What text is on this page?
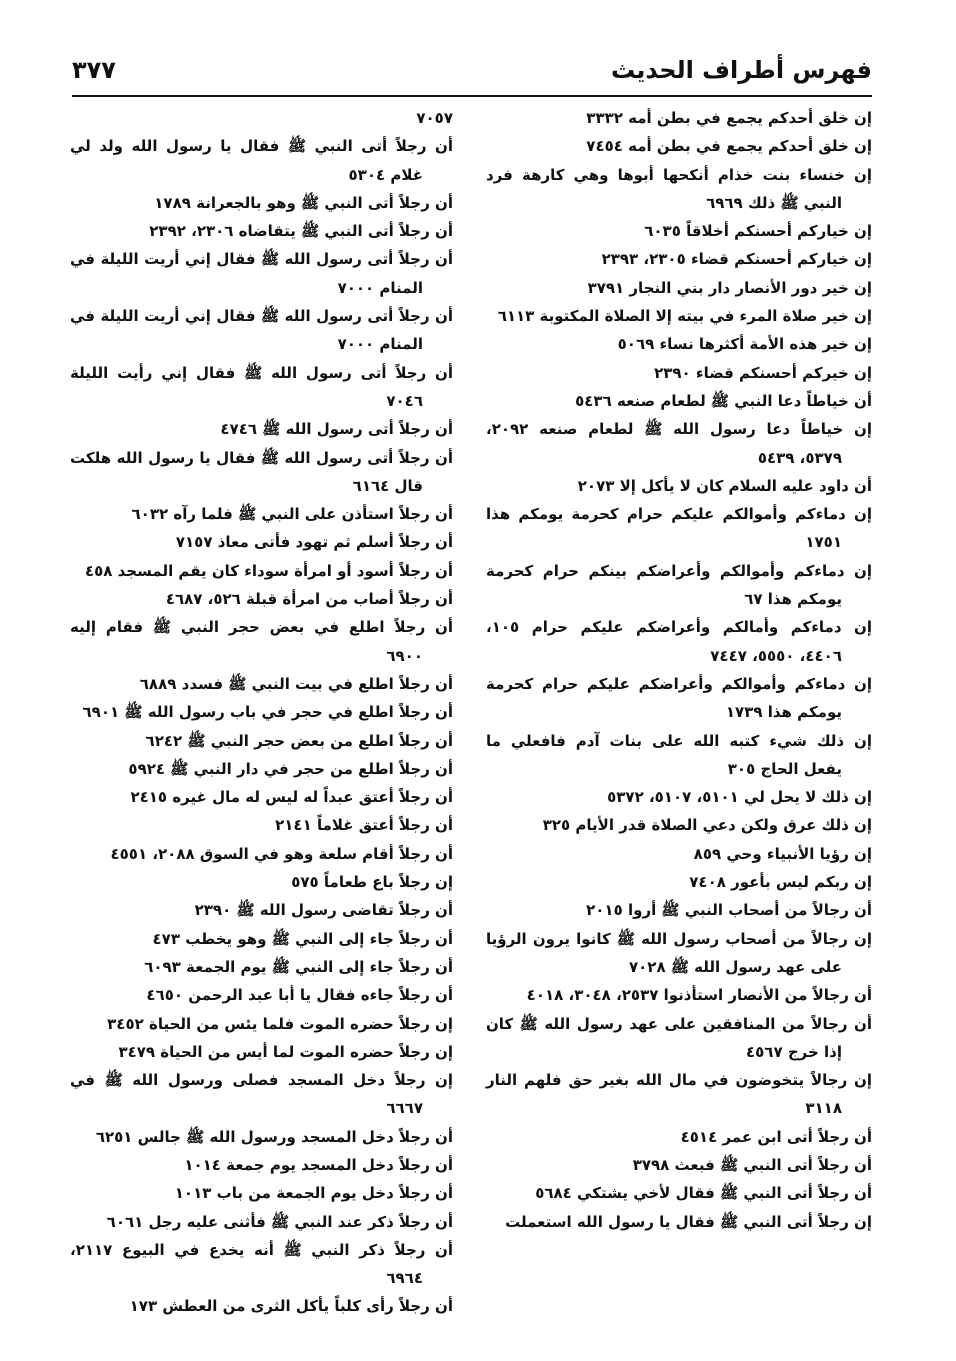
فهرس أطراف الحديث
٣٧٧

إن خلق أحدكم يجمع في بطن أمه ٣٣٣٢

إن خلق أحدكم يجمع في بطن أمه ٧٤٥٤

إن خنساء بنت خذام أنكحها أبوها وهي كارهة فرد النبي ﷺ ذلك ٦٩٦٩

إن خياركم أحسنكم أخلاقاً ٦٠٣٥

إن خياركم أحسنكم قضاء ٢٣٠٥، ٢٣٩٣

إن خير دور الأنصار دار بني النجار ٣٧٩١

إن خير صلاة المرء في بيته إلا الصلاة المكتوبة ٦١١٣

إن خير هذه الأمة أكثرها نساء ٥٠٦٩

إن خيركم أحسنكم قضاء ٢٣٩٠

أن خياطاً دعا النبي ﷺ لطعام صنعه ٥٤٣٦

إن خياطاً دعا رسول الله ﷺ لطعام صنعه ٢٠٩٢، ٥٣٧٩، ٥٤٣٩

أن داود عليه السلام كان لا يأكل إلا ٢٠٧٣

إن دماءكم وأموالكم عليكم حرام كحرمة يومكم هذا ١٧٥١

إن دماءكم وأموالكم وأعراضكم بينكم حرام كحرمة يومكم هذا ٦٧

إن دماءكم وأمالكم وأعراضكم عليكم حرام ١٠٥، ٤٤٠٦، ٥٥٥٠، ٧٤٤٧

إن دماءكم وأموالكم وأعراضكم عليكم حرام كحرمة يومكم هذا ١٧٣٩

إن ذلك شيء كتبه الله على بنات آدم فافعلي ما يفعل الحاج ٣٠٥

إن ذلك لا يحل لي ٥١٠١، ٥١٠٧، ٥٣٧٢

إن ذلك عرق ولكن دعي الصلاة قدر الأيام ٣٢٥

إن رؤيا الأنبياء وحي ٨٥٩

إن ربكم ليس بأعور ٧٤٠٨

أن رجالاً من أصحاب النبي ﷺ أروا ٢٠١٥

إن رجالاً من أصحاب رسول الله ﷺ كانوا يرون الرؤيا على عهد رسول الله ﷺ ٧٠٢٨

أن رجالاً من الأنصار استأذنوا ٢٥٣٧، ٣٠٤٨، ٤٠١٨

أن رجالاً من المنافقين على عهد رسول الله ﷺ كان إذا خرج ٤٥٦٧

إن رجالاً يتخوضون في مال الله بغير حق فلهم النار ٣١١٨

أن رجلاً أتى ابن عمر ٤٥١٤

أن رجلاً أتى النبي ﷺ فبعث ٣٧٩٨

أن رجلاً أتى النبي ﷺ فقال لأخي يشتكي ٥٦٨٤

إن رجلاً أتى النبي ﷺ فقال يا رسول الله استعملت

٧٠٥٧

أن رجلاً أتى النبي ﷺ فقال يا رسول الله ولد لي غلام ٥٣٠٤

أن رجلاً أتى النبي ﷺ وهو بالجعرانة ١٧٨٩

أن رجلاً أتى النبي ﷺ يتقاضاه ٢٣٠٦، ٢٣٩٢

أن رجلاً أتى رسول الله ﷺ فقال إني أريت الليلة في المنام ٧٠٠٠

أن رجلاً أتى رسول الله ﷺ فقال إني أريت الليلة في المنام ٧٠٠٠

أن رجلاً أتى رسول الله ﷺ فقال إني رأيت الليلة ٧٠٤٦

أن رجلاً أتى رسول الله ﷺ ٤٧٤٦

أن رجلاً أتى رسول الله ﷺ فقال يا رسول الله هلكت قال ٦١٦٤

أن رجلاً استأذن على النبي ﷺ فلما رآه ٦٠٣٢

أن رجلاً أسلم ثم تهود فأتى معاذ ٧١٥٧

أن رجلاً أسود أو امرأة سوداء كان يقم المسجد ٤٥٨

أن رجلاً أصاب من امرأة قبلة ٥٢٦، ٤٦٨٧

أن رجلاً اطلع في بعض حجر النبي ﷺ فقام إليه ٦٩٠٠

أن رجلاً اطلع في بيت النبي ﷺ فسدد ٦٨٨٩

أن رجلاً اطلع في حجر في باب رسول الله ﷺ ٦٩٠١

أن رجلاً اطلع من بعض حجر النبي ﷺ ٦٢٤٢

أن رجلاً اطلع من حجر في دار النبي ﷺ ٥٩٢٤

أن رجلاً أعتق عبداً له ليس له مال غيره ٢٤١٥

أن رجلاً أعتق غلاماً ٢١٤١

أن رجلاً أقام سلعة وهو في السوق ٢٠٨٨، ٤٥٥١

إن رجلاً باع طعاماً ٥٧٥

أن رجلاً تقاضى رسول الله ﷺ ٢٣٩٠

أن رجلاً جاء إلى النبي ﷺ وهو يخطب ٤٧٣

أن رجلاً جاء إلى النبي ﷺ يوم الجمعة ٦٠٩٣

أن رجلاً جاءه فقال يا أبا عبد الرحمن ٤٦٥٠

إن رجلاً حضره الموت فلما يئس من الحياة ٣٤٥٢

إن رجلاً حضره الموت لما أيس من الحياة ٣٤٧٩

إن رجلاً دخل المسجد فصلى ورسول الله ﷺ في ٦٦٦٧

أن رجلاً دخل المسجد ورسول الله ﷺ جالس ٦٢٥١

أن رجلاً دخل المسجد يوم جمعة ١٠١٤

أن رجلاً دخل يوم الجمعة من باب ١٠١٣

أن رجلاً ذكر عند النبي ﷺ فأثنى عليه رجل ٦٠٦١

أن رجلاً ذكر النبي ﷺ أنه يخدع في البيوع ٢١١٧، ٦٩٦٤

أن رجلاً رأى كلباً يأكل الثرى من العطش ١٧٣
